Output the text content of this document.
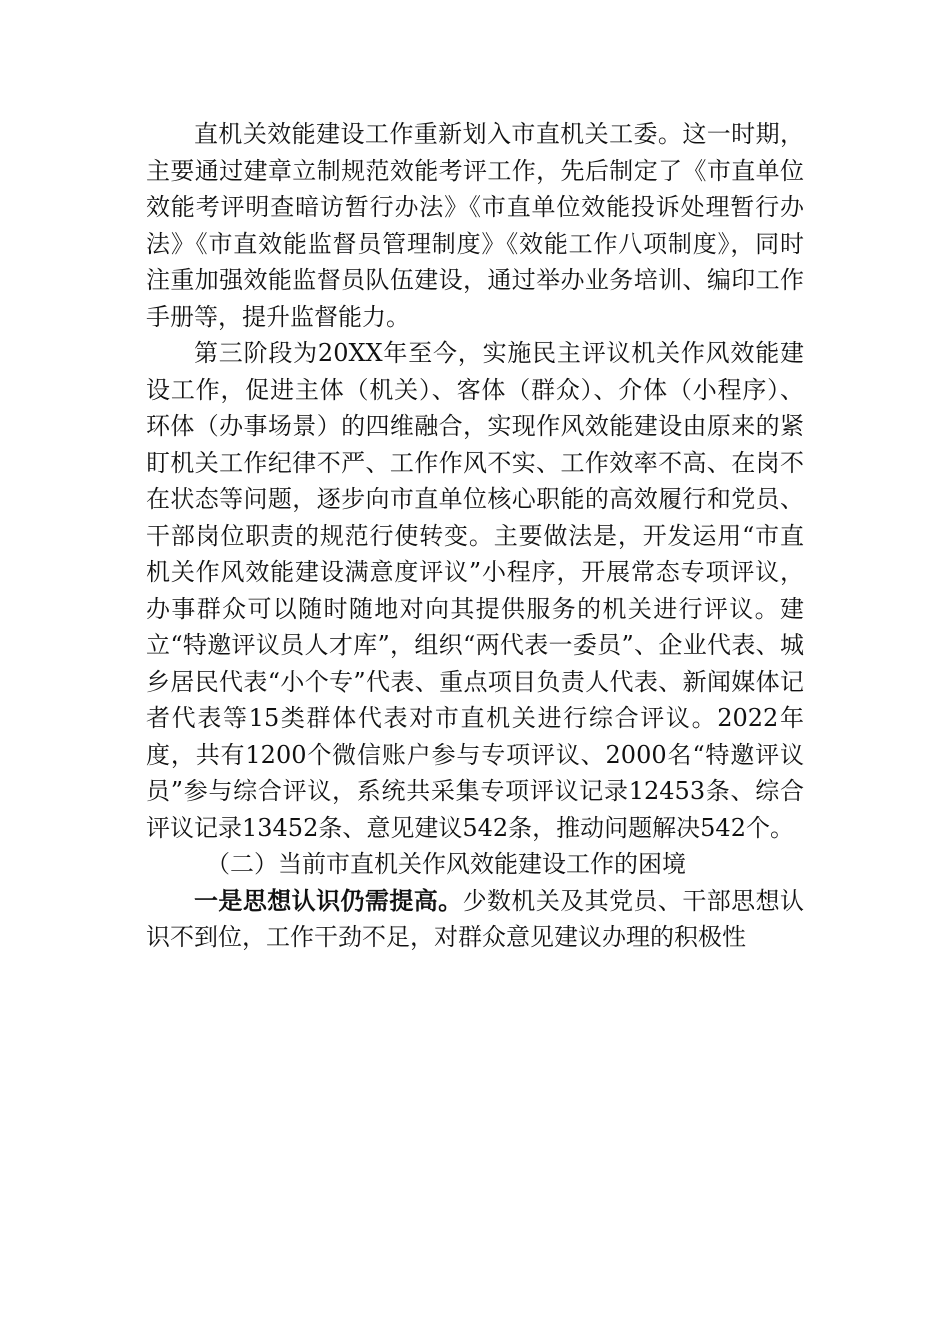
直机关效能建设工作重新划入市直机关工委。这一时期，主要通过建章立制规范效能考评工作，先后制定了《市直单位效能考评明查暗访暂行办法》《市直单位效能投诉处理暂行办法》《市直效能监督员管理制度》《效能工作八项制度》，同时注重加强效能监督员队伍建设，通过举办业务培训、编印工作手册等，提升监督能力。

第三阶段为20XX年至今，实施民主评议机关作风效能建设工作，促进主体（机关）、客体（群众）、介体（小程序）、环体（办事场景）的四维融合，实现作风效能建设由原来的紧盯机关工作纪律不严、工作作风不实、工作效率不高、在岗不在状态等问题，逐步向市直单位核心职能的高效履行和党员、干部岗位职责的规范行使转变。主要做法是，开发运用“市直机关作风效能建设满意度评议”小程序，开展常态专项评议，办事群众可以随时随地对向其提供服务的机关进行评议。建立“特邀评议员人才库”，组织“两代表一委员”、企业代表、城乡居民代表“小个专”代表、重点项目负责人代表、新闻媒体记者代表等15类群体代表对市直机关进行综合评议。2022年度，共有1200个微信账户参与专项评议、2000名“特邀评议员”参与综合评议，系统共采集专项评议记录12453条、综合评议记录13452条、意见建议542条，推动问题解决542个。

（二）当前市直机关作风效能建设工作的困境

一是思想认识仍需提高。少数机关及其党员、干部思想认识不到位，工作干劲不足，对群众意见建议办理的积极性
